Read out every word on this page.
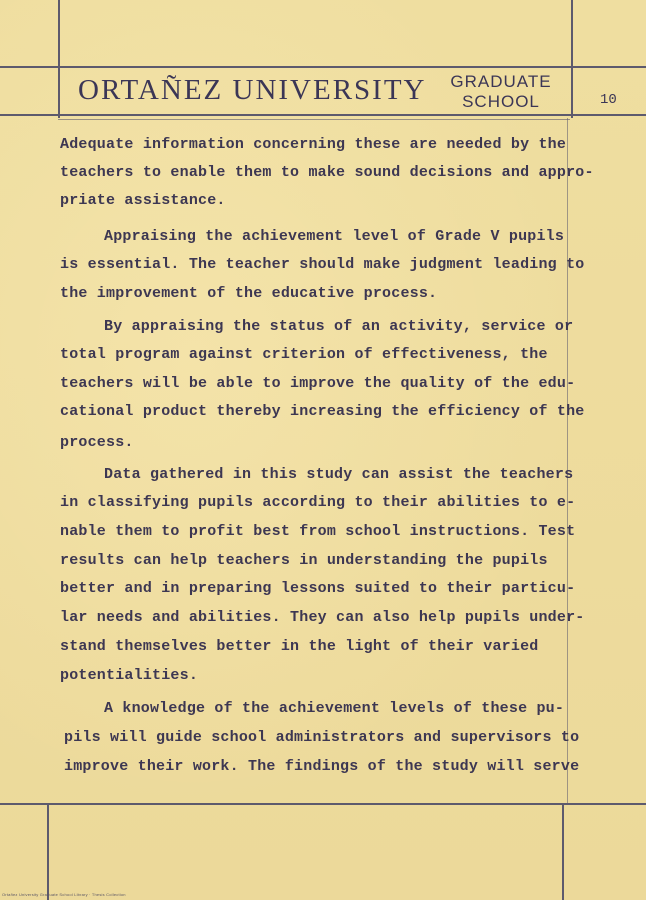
ORTAÑEZ UNIVERSITY GRADUATE
SCHOOL	10
Adequate information concerning these are needed by the
teachers to enable them to make sound decisions and appro-
priate assistance.
Appraising the achievement level of Grade V pupils
is essential. The teacher should make judgment leading to
the improvement of the educative process.
By appraising the status of an activity, service or
total program against criterion of effectiveness, the
teachers will be able to improve the quality of the edu-
cational product thereby increasing the efficiency of the
process.
Data gathered in this study can assist the teachers
in classifying pupils according to their abilities to e-
nable them to profit best from school instructions. Test
results can help teachers in understanding the pupils
better and in preparing lessons suited to their particu-
lar needs and abilities. They can also help pupils under-
stand themselves better in the light of their varied
potentialities.
A knowledge of the achievement levels of these pu-
pils will guide school administrators and supervisors to
improve their work. The findings of the study will serve
Ortañez University Graduate School Library · Thesis Collection
